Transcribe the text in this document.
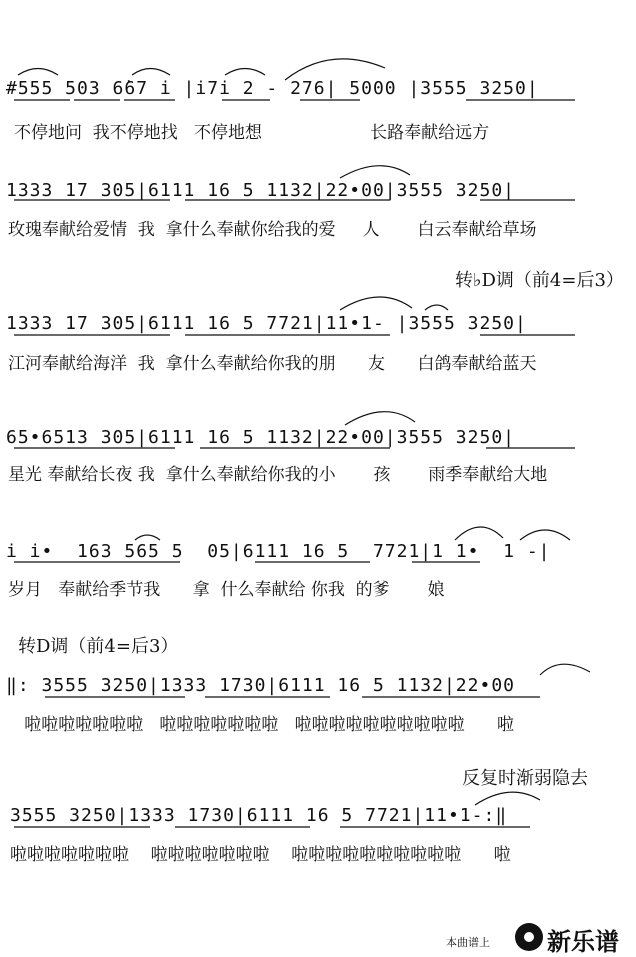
#555 503 6̇67 i |i7i 2 - 276| 5000 |3555 3250|
不停地问  我不停地找   不停地想                    长路奉献给远方
1333 17 305|6111 16 5 1132|22•00|3555 3250|
玫瑰奉献给爱情  我  拿什么奉献你给我的爱     人       白云奉献给草场
转♭D调（前4=后3）
1333 17 305|6111 16 5 7721|11•1- |3555 3250|
江河奉献给海洋  我  拿什么奉献给你我的朋      友      白鸽奉献给蓝天
65•6513 305|6111 16 5 1132|22•00|3555 3250|
星光 奉献给长夜 我  拿什么奉献给你我的小       孩       雨季奉献给大地
i i•  163 565 5  05|6111 16 5  7721|1 1•  1 -|
岁月   奉献给季节我      拿  什么奉献给 你我  的爹       娘
转D调（前4=后3）
‖: 3555 3250|1333 1730|6111 16 5 1132|22•00
啦啦啦啦啦啦啦   啦啦啦啦啦啦啦   啦啦啦啦啦啦啦啦啦啦      啦
反复时渐弱隐去
3555 3250|1333 1730|6111 16 5 7721|11•1-:‖
啦啦啦啦啦啦啦    啦啦啦啦啦啦啦    啦啦啦啦啦啦啦啦啦啦      啦
本曲谱上 新乐谱
